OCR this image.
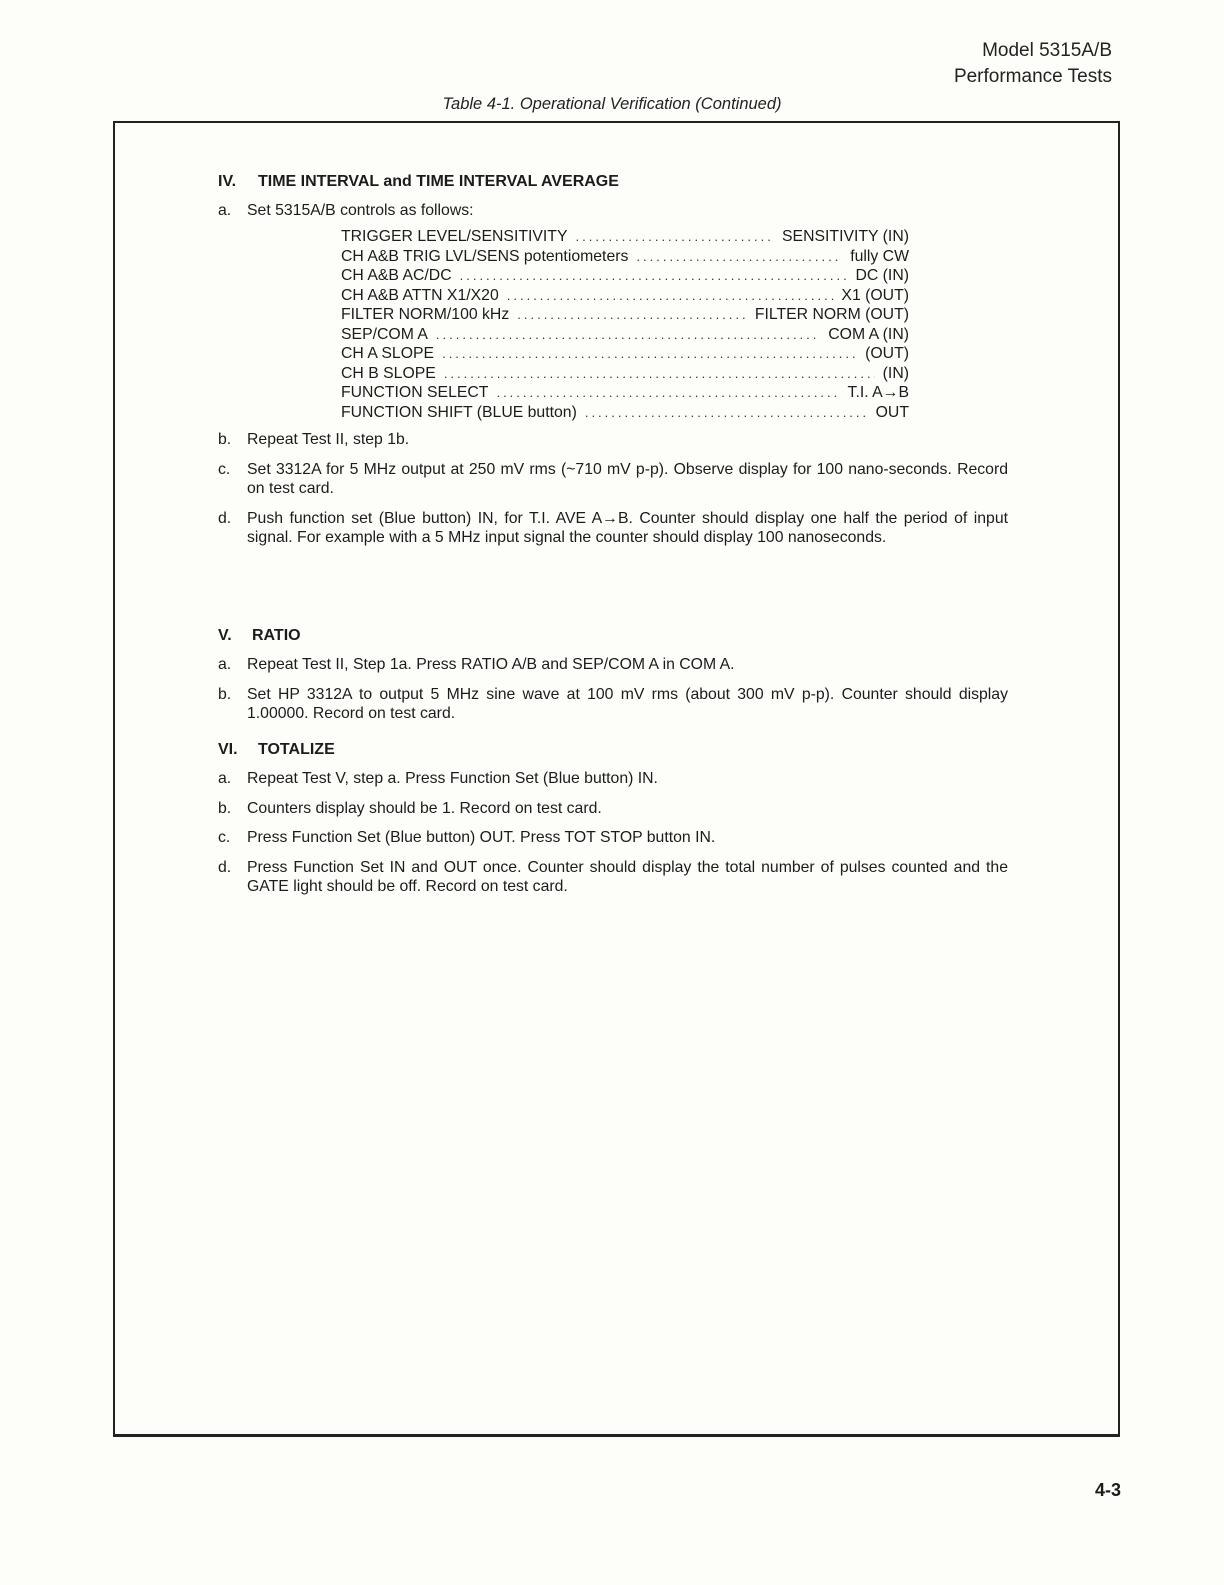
Model 5315A/B
Performance Tests
Table 4-1. Operational Verification (Continued)
IV.	TIME INTERVAL and TIME INTERVAL AVERAGE
a.	Set 5315A/B controls as follows:
TRIGGER LEVEL/SENSITIVITY .....	SENSITIVITY (IN)
CH A&B TRIG LVL/SENS potentiometers .....	fully CW
CH A&B AC/DC .....	DC (IN)
CH A&B ATTN X1/X20 .....	X1 (OUT)
FILTER NORM/100 kHz .....	FILTER NORM (OUT)
SEP/COM A .....	COM A (IN)
CH A SLOPE .....	(OUT)
CH B SLOPE .....	(IN)
FUNCTION SELECT .....	T.I. A→B
FUNCTION SHIFT (BLUE button) .....	OUT
b.	Repeat Test II, step 1b.
c.	Set 3312A for 5 MHz output at 250 mV rms (~710 mV p-p). Observe display for 100 nano-seconds. Record on test card.
d.	Push function set (Blue button) IN, for T.I. AVE A→B. Counter should display one half the period of input signal. For example with a 5 MHz input signal the counter should display 100 nanoseconds.
V.	RATIO
a.	Repeat Test II, Step 1a. Press RATIO A/B and SEP/COM A in COM A.
b.	Set HP 3312A to output 5 MHz sine wave at 100 mV rms (about 300 mV p-p). Counter should display 1.00000. Record on test card.
VI.	TOTALIZE
a.	Repeat Test V, step a. Press Function Set (Blue button) IN.
b.	Counters display should be 1. Record on test card.
c.	Press Function Set (Blue button) OUT. Press TOT STOP button IN.
d.	Press Function Set IN and OUT once. Counter should display the total number of pulses counted and the GATE light should be off. Record on test card.
4-3
